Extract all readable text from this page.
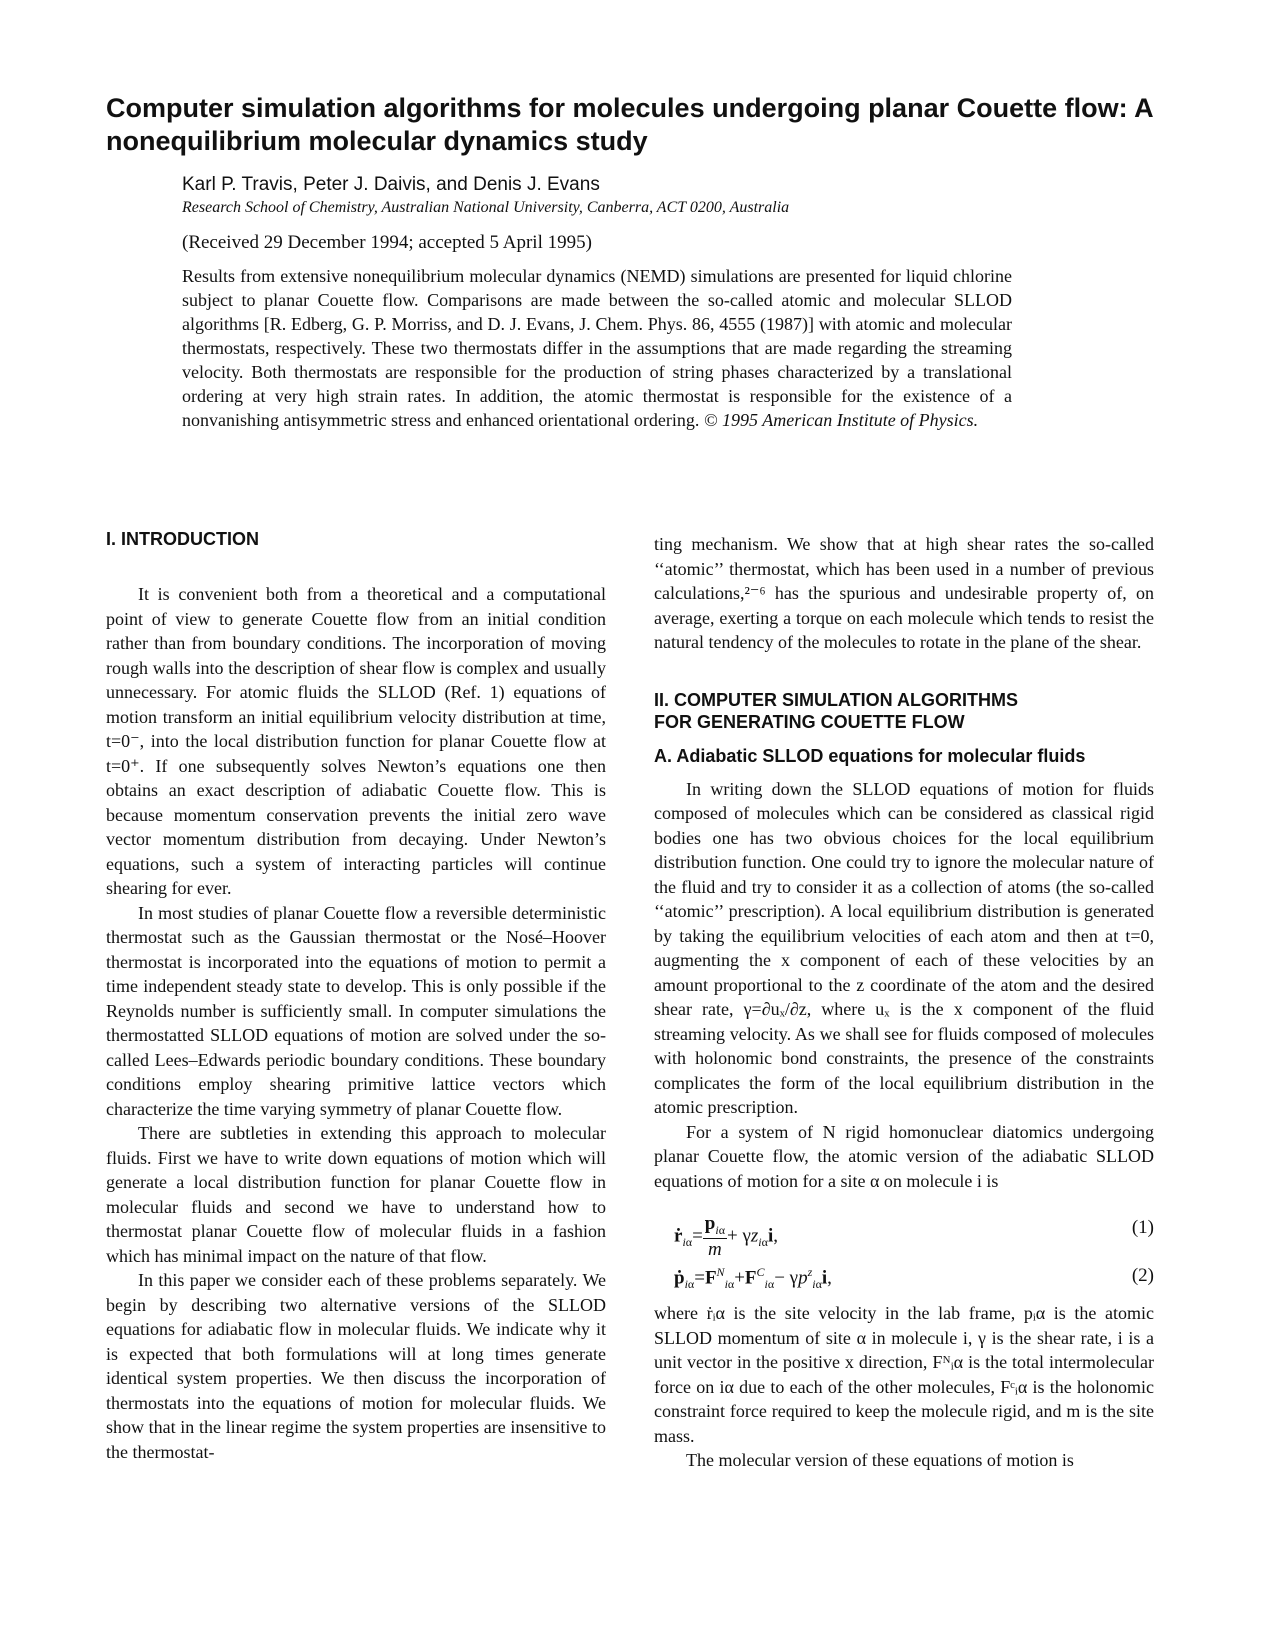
Computer simulation algorithms for molecules undergoing planar Couette flow: A nonequilibrium molecular dynamics study
Karl P. Travis, Peter J. Daivis, and Denis J. Evans
Research School of Chemistry, Australian National University, Canberra, ACT 0200, Australia
(Received 29 December 1994; accepted 5 April 1995)

Results from extensive nonequilibrium molecular dynamics (NEMD) simulations are presented for liquid chlorine subject to planar Couette flow. Comparisons are made between the so-called atomic and molecular SLLOD algorithms [R. Edberg, G. P. Morriss, and D. J. Evans, J. Chem. Phys. 86, 4555 (1987)] with atomic and molecular thermostats, respectively. These two thermostats differ in the assumptions that are made regarding the streaming velocity. Both thermostats are responsible for the production of string phases characterized by a translational ordering at very high strain rates. In addition, the atomic thermostat is responsible for the existence of a nonvanishing antisymmetric stress and enhanced orientational ordering. © 1995 American Institute of Physics.

I. INTRODUCTION

It is convenient both from a theoretical and a computational point of view to generate Couette flow from an initial condition rather than from boundary conditions. The incorporation of moving rough walls into the description of shear flow is complex and usually unnecessary. For atomic fluids the SLLOD (Ref. 1) equations of motion transform an initial equilibrium velocity distribution at time, t=0⁻, into the local distribution function for planar Couette flow at t=0⁺. If one subsequently solves Newton’s equations one then obtains an exact description of adiabatic Couette flow. This is because momentum conservation prevents the initial zero wave vector momentum distribution from decaying. Under Newton’s equations, such a system of interacting particles will continue shearing for ever.

In most studies of planar Couette flow a reversible deterministic thermostat such as the Gaussian thermostat or the Nosé–Hoover thermostat is incorporated into the equations of motion to permit a time independent steady state to develop. This is only possible if the Reynolds number is sufficiently small. In computer simulations the thermostatted SLLOD equations of motion are solved under the so-called Lees–Edwards periodic boundary conditions. These boundary conditions employ shearing primitive lattice vectors which characterize the time varying symmetry of planar Couette flow.

There are subtleties in extending this approach to molecular fluids. First we have to write down equations of motion which will generate a local distribution function for planar Couette flow in molecular fluids and second we have to understand how to thermostat planar Couette flow of molecular fluids in a fashion which has minimal impact on the nature of that flow.

In this paper we consider each of these problems separately. We begin by describing two alternative versions of the SLLOD equations for adiabatic flow in molecular fluids. We indicate why it is expected that both formulations will at long times generate identical system properties. We then discuss the incorporation of thermostats into the equations of motion for molecular fluids. We show that in the linear regime the system properties are insensitive to the thermostat-

ting mechanism. We show that at high shear rates the so-called ‘‘atomic’’ thermostat, which has been used in a number of previous calculations,²⁻⁶ has the spurious and undesirable property of, on average, exerting a torque on each molecule which tends to resist the natural tendency of the molecules to rotate in the plane of the shear.

II. COMPUTER SIMULATION ALGORITHMS
FOR GENERATING COUETTE FLOW
A. Adiabatic SLLOD equations for molecular fluids

In writing down the SLLOD equations of motion for fluids composed of molecules which can be considered as classical rigid bodies one has two obvious choices for the local equilibrium distribution function. One could try to ignore the molecular nature of the fluid and try to consider it as a collection of atoms (the so-called ‘‘atomic’’ prescription). A local equilibrium distribution is generated by taking the equilibrium velocities of each atom and then at t=0, augmenting the x component of each of these velocities by an amount proportional to the z coordinate of the atom and the desired shear rate, γ=∂uₓ/∂z, where uₓ is the x component of the fluid streaming velocity. As we shall see for fluids composed of molecules with holonomic bond constraints, the presence of the constraints complicates the form of the local equilibrium distribution in the atomic prescription.

For a system of N rigid homonuclear diatomics undergoing planar Couette flow, the atomic version of the adiabatic SLLOD equations of motion for a site α on molecule i is

ṙ$_{i\alpha}$= $\frac{p_{i\alpha}}{m} + \gamma z_{i\alpha}i$,	(1)
$ṗ_{i\alpha}=F^N_{i\alpha}+F^C_{i\alpha}- \gamma p^z_{i\alpha}i$,	(2)

where ṙᵢα is the site velocity in the lab frame, pᵢα is the atomic SLLOD momentum of site α in molecule i, γ is the shear rate, i is a unit vector in the positive x direction, Fᴺᵢα is the total intermolecular force on iα due to each of the other molecules, Fᶜᵢα is the holonomic constraint force required to keep the molecule rigid, and m is the site mass.

The molecular version of these equations of motion is
